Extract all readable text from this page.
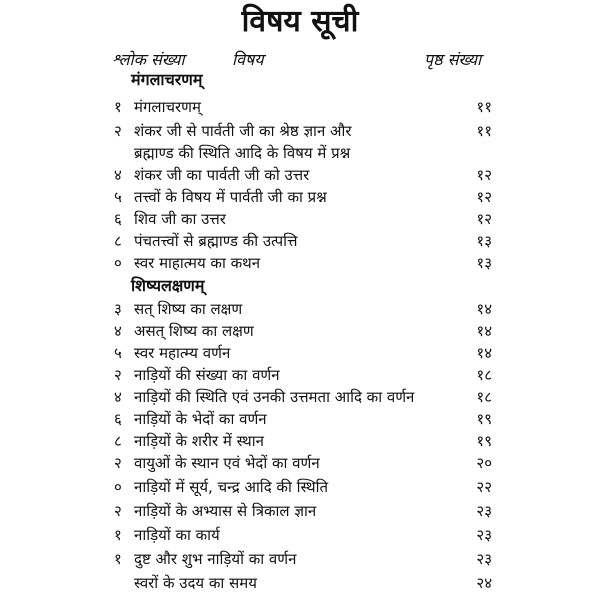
विषय सूची
श्लोक संख्या	विषय	पृष्ठ संख्या
मंगलाचरणम्
१ मंगलाचरणम्	११
२ शंकर जी से पार्वती जी का श्रेष्ठ ज्ञान और	११
ब्रह्माण्ड की स्थिति आदि के विषय में प्रश्न
४ शंकर जी का पार्वती जी को उत्तर	१२
५ तत्त्वों के विषय में पार्वती जी का प्रश्न	१२
६ शिव जी का उत्तर	१२
८ पंचतत्त्वों से ब्रह्माण्ड की उत्पत्ति	१३
० स्वर माहात्मय का कथन	१३
शिष्यलक्षणम्
३ सत् शिष्य का लक्षण	१४
४ असत् शिष्य का लक्षण	१४
५ स्वर महात्म्य वर्णन	१४
२ नाड़ियों की संख्या का वर्णन	१८
४ नाड़ियों की स्थिति एवं उनकी उत्तमता आदि का वर्णन	१८
६ नाड़ियों के भेदों का वर्णन	१९
८ नाड़ियों के शरीर में स्थान	१९
२ वायुओं के स्थान एवं भेदों का वर्णन	२०
० नाड़ियों में सूर्य, चन्द्र आदि की स्थिति	२२
२ नाड़ियों के अभ्यास से त्रिकाल ज्ञान	२३
१ नाड़ियों का कार्य	२३
१ दुष्ट और शुभ नाड़ियों का वर्णन	२३
स्वरों के उदय का समय	२४
